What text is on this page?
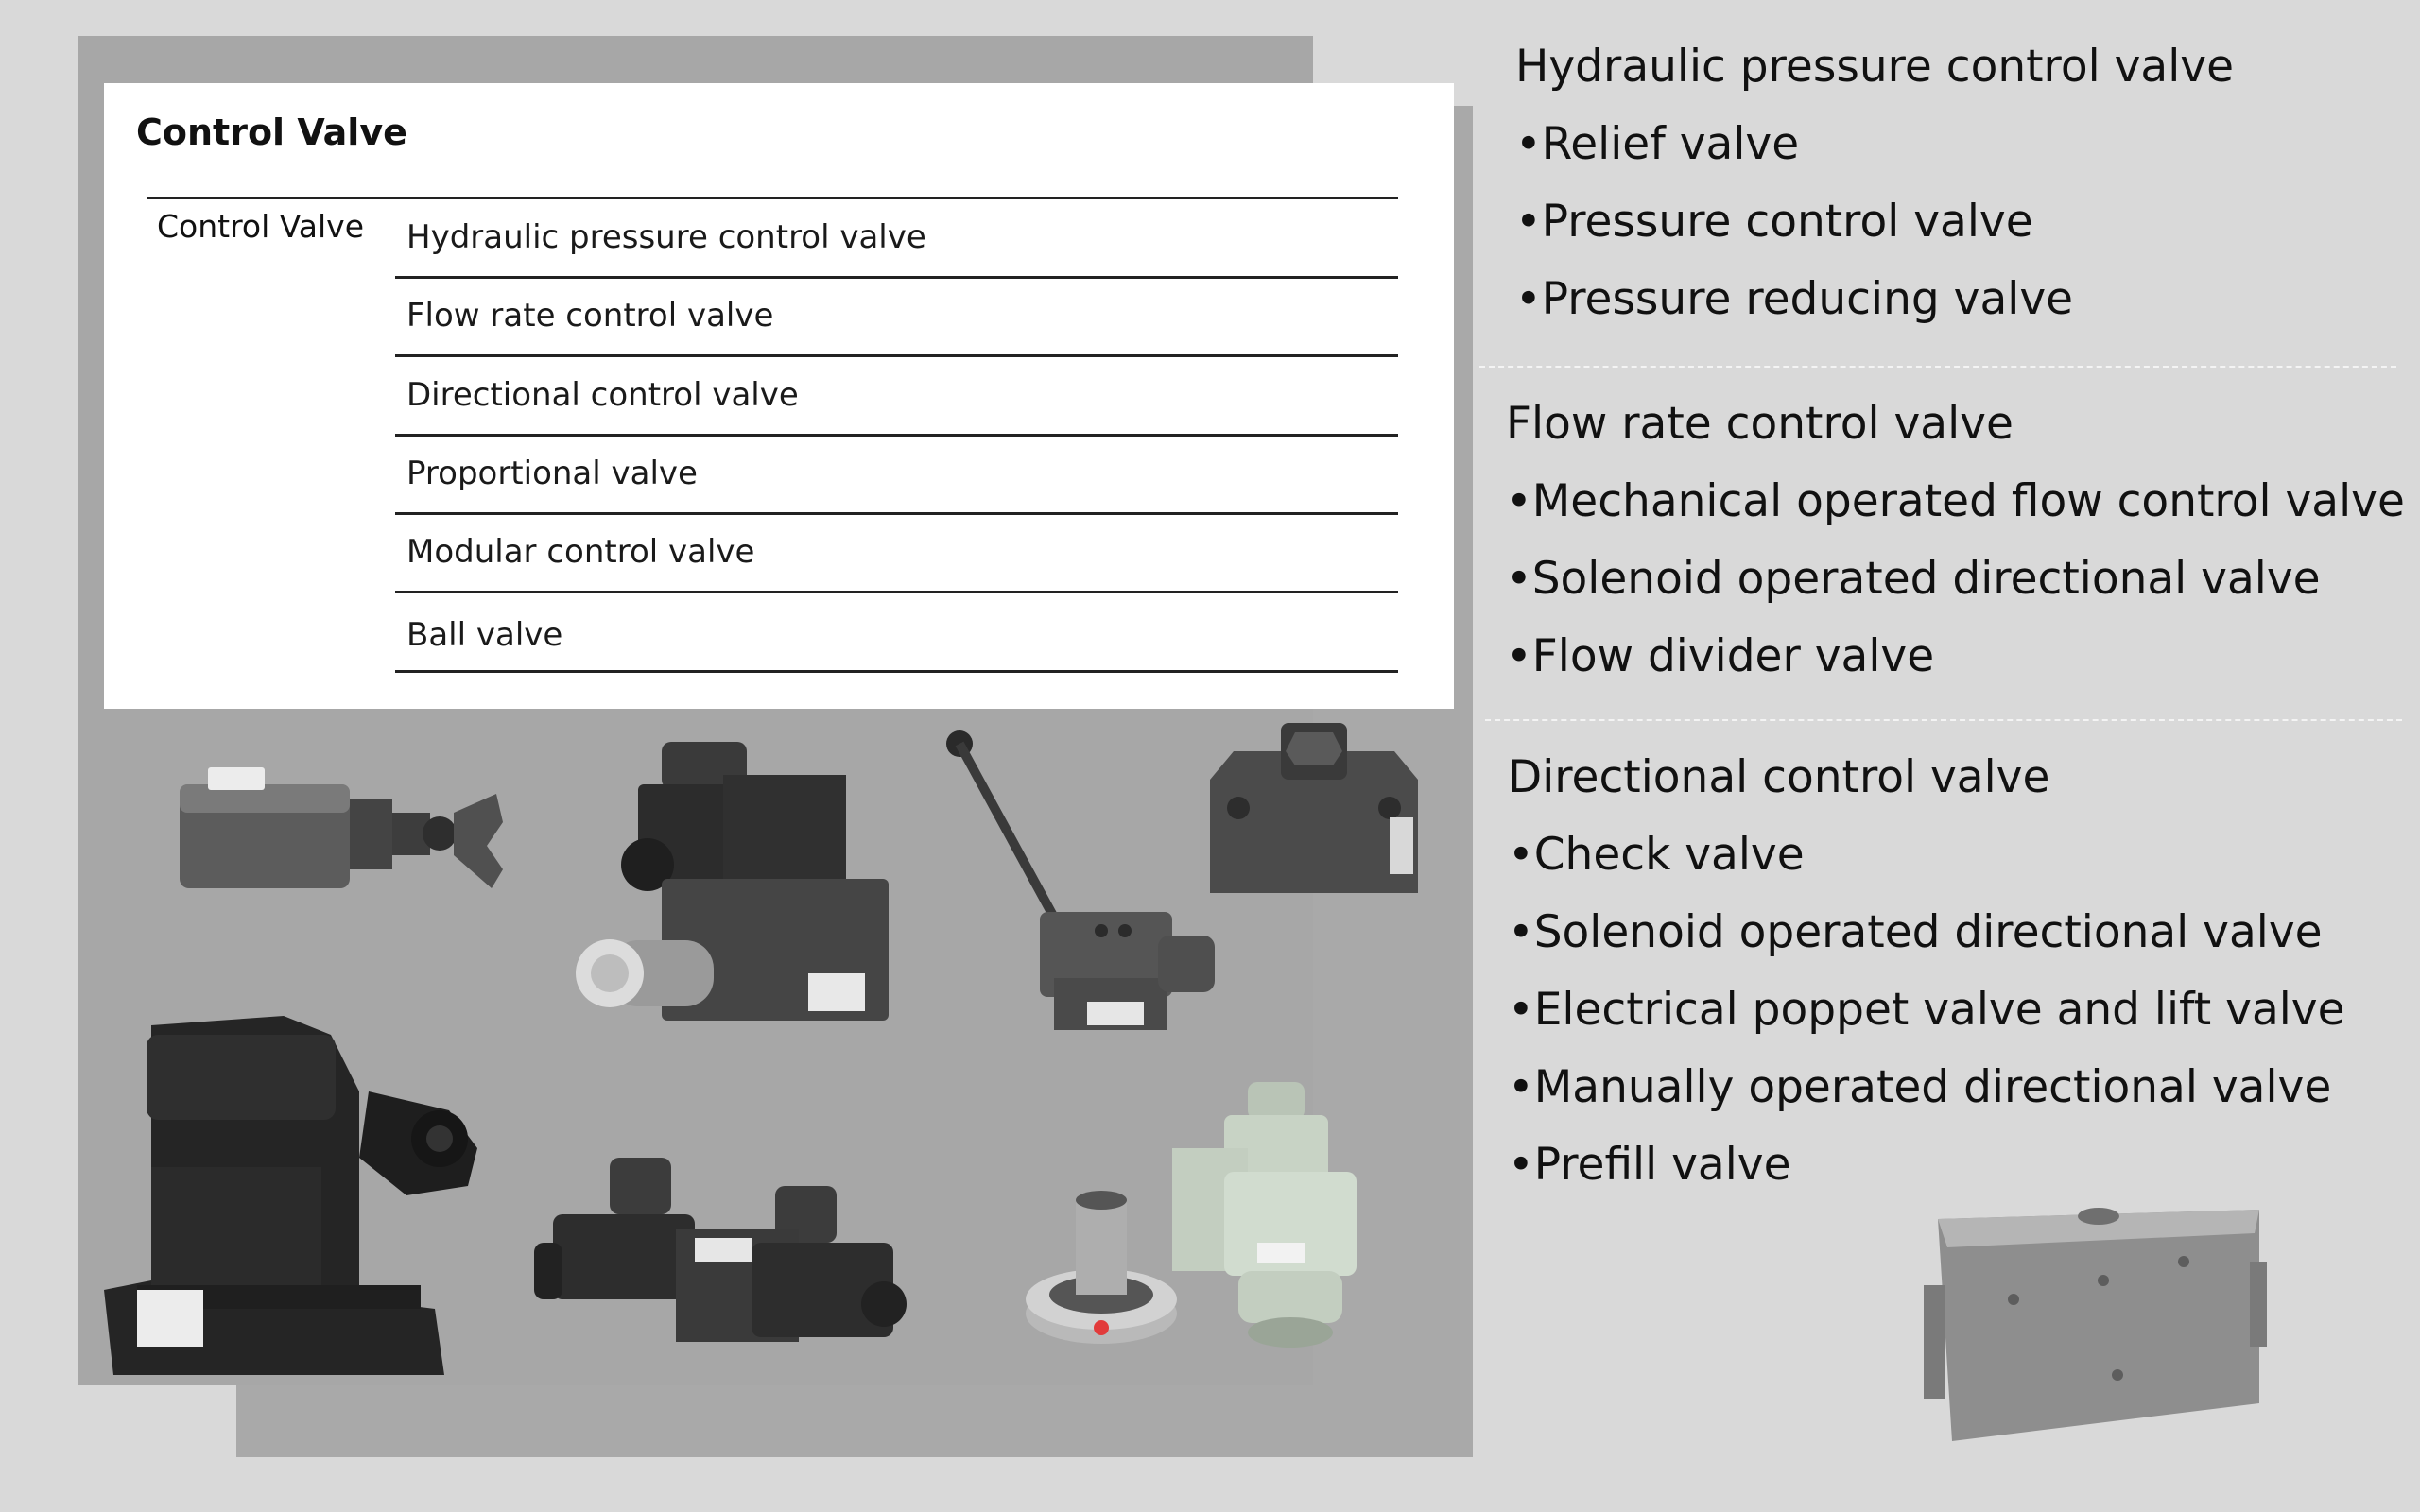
Control Valve
Control Valve Hydraulic pressure control valve
Flow rate control valve
Directional control valve
Proportional valve
Modular control valve
Ball valve
Hydraulic pressure control valve
•Relief valve
•Pressure control valve
•Pressure reducing valve
Flow rate control valve
•Mechanical operated flow control valve
•Solenoid operated directional valve
•Flow divider valve
Directional control valve
•Check valve
•Solenoid operated directional valve
•Electrical poppet valve and lift valve
•Manually operated directional valve
•Prefill valve
